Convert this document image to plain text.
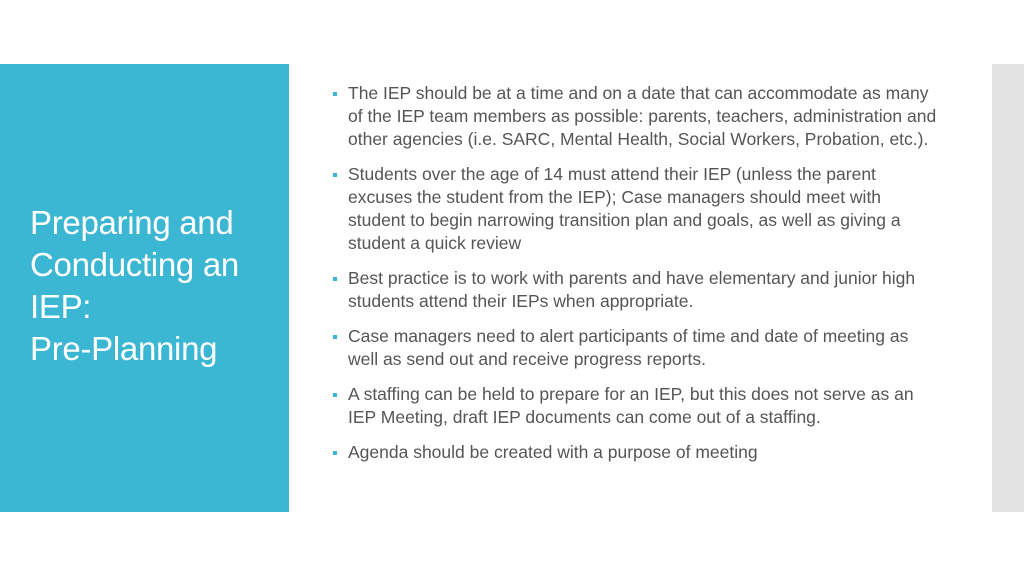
Preparing and
Conducting an
IEP:
Pre-Planning
The IEP should be at a time and on a date that can accommodate as many of the IEP team members as possible: parents, teachers, administration and other agencies (i.e. SARC, Mental Health, Social Workers, Probation, etc.).
Students over the age of 14 must attend their IEP (unless the parent excuses the student from the IEP); Case managers should meet with student to begin narrowing transition plan and goals, as well as giving a student a quick review
Best practice is to work with parents and have elementary and junior high students attend their IEPs when appropriate.
Case managers need to alert participants of time and date of meeting as well as send out and receive progress reports.
A staffing can be held to prepare for an IEP, but this does not serve as an IEP Meeting, draft IEP documents can come out of a staffing.
Agenda should be created with a purpose of meeting
